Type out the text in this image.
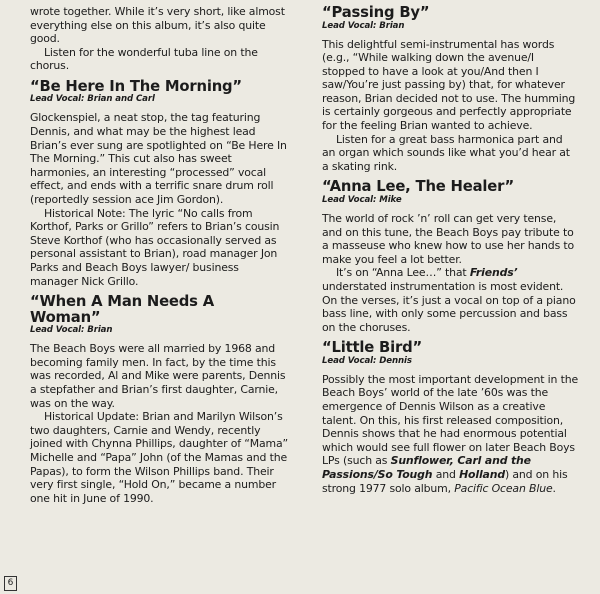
wrote together. While it’s very short, like almost everything else on this album, it’s also quite good.

Listen for the wonderful tuba line on the chorus.

“Be Here In The Morning”
Lead Vocal: Brian and Carl

Glockenspiel, a neat stop, the tag featuring Dennis, and what may be the highest lead Brian’s ever sung are spotlighted on “Be Here In The Morning.” This cut also has sweet harmonies, an interesting “processed” vocal effect, and ends with a terrific snare drum roll (reportedly session ace Jim Gordon).

Historical Note: The lyric “No calls from Korthof, Parks or Grillo” refers to Brian’s cousin Steve Korthof (who has occasionally served as personal assistant to Brian), road manager Jon Parks and Beach Boys lawyer/ business manager Nick Grillo.

“When A Man Needs A Woman”
Lead Vocal: Brian

The Beach Boys were all married by 1968 and becoming family men. In fact, by the time this was recorded, Al and Mike were parents, Dennis a stepfather and Brian’s first daughter, Carnie, was on the way.

Historical Update: Brian and Marilyn Wilson’s two daughters, Carnie and Wendy, recently joined with Chynna Phillips, daughter of “Mama” Michelle and “Papa” John (of the Mamas and the Papas), to form the Wilson Phillips band. Their very first single, “Hold On,” became a number one hit in June of 1990.

“Passing By”
Lead Vocal: Brian

This delightful semi-instrumental has words (e.g., “While walking down the avenue/I stopped to have a look at you/And then I saw/You’re just passing by) that, for whatever reason, Brian decided not to use. The humming is certainly gorgeous and perfectly appropriate for the feeling Brian wanted to achieve.

Listen for a great bass harmonica part and an organ which sounds like what you’d hear at a skating rink.

“Anna Lee, The Healer”
Lead Vocal: Mike

The world of rock ’n’ roll can get very tense, and on this tune, the Beach Boys pay tribute to a masseuse who knew how to use her hands to make you feel a lot better.

It’s on “Anna Lee…” that Friends’ understated instrumentation is most evident. On the verses, it’s just a vocal on top of a piano bass line, with only some percussion and bass on the choruses.

“Little Bird”
Lead Vocal: Dennis

Possibly the most important development in the Beach Boys’ world of the late ’60s was the emergence of Dennis Wilson as a creative talent. On this, his first released composition, Dennis shows that he had enormous potential which would see full flower on later Beach Boys LPs (such as Sunflower, Carl and the Passions/So Tough and Holland) and on his strong 1977 solo album, Pacific Ocean Blue.

6
